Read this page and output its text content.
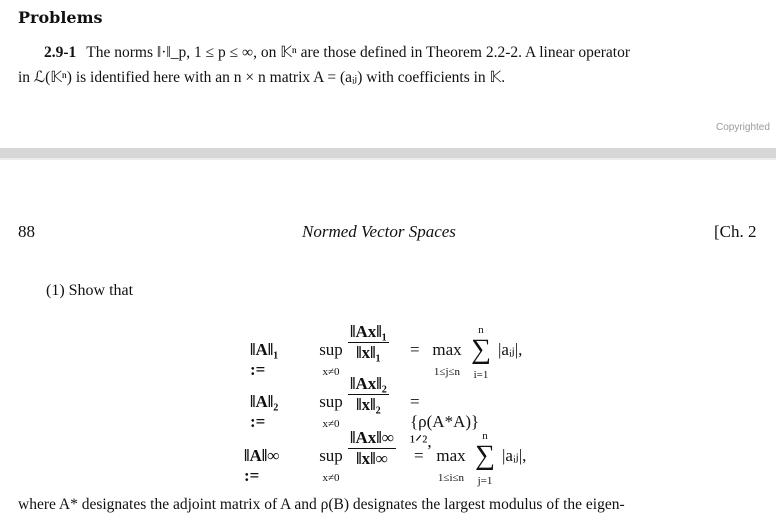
Problems
2.9-1 The norms ‖·‖_p, 1 ≤ p ≤ ∞, on 𝕂ⁿ are those defined in Theorem 2.2-2. A linear operator
in ℒ(𝕂ⁿ) is identified here with an n × n matrix A = (aᵢⱼ) with coefficients in 𝕂.
Copyrighted
88	Normed Vector Spaces	[Ch. 2
(1) Show that
‖A‖₁ :=
sup
x≠0
$\frac{\text{‖Ax‖₁}}{\text{‖x‖₁}} = \max$
1≤j≤n
n
∑
i=1
|aᵢⱼ|,
‖A‖₂ :=
sup
x≠0
$\frac{\text{‖Ax‖₂}}{\text{‖x‖₂}}$ = {ρ(A*A)}¹ᐟ²,
‖A‖∞ :=
sup
x≠0
$\frac{‖Ax‖\infty}{‖x‖\infty} = \max$
1≤i≤n
n
∑
j=1
|aᵢⱼ|,
where A* designates the adjoint matrix of A and ρ(B) designates the largest modulus of the eigen-
